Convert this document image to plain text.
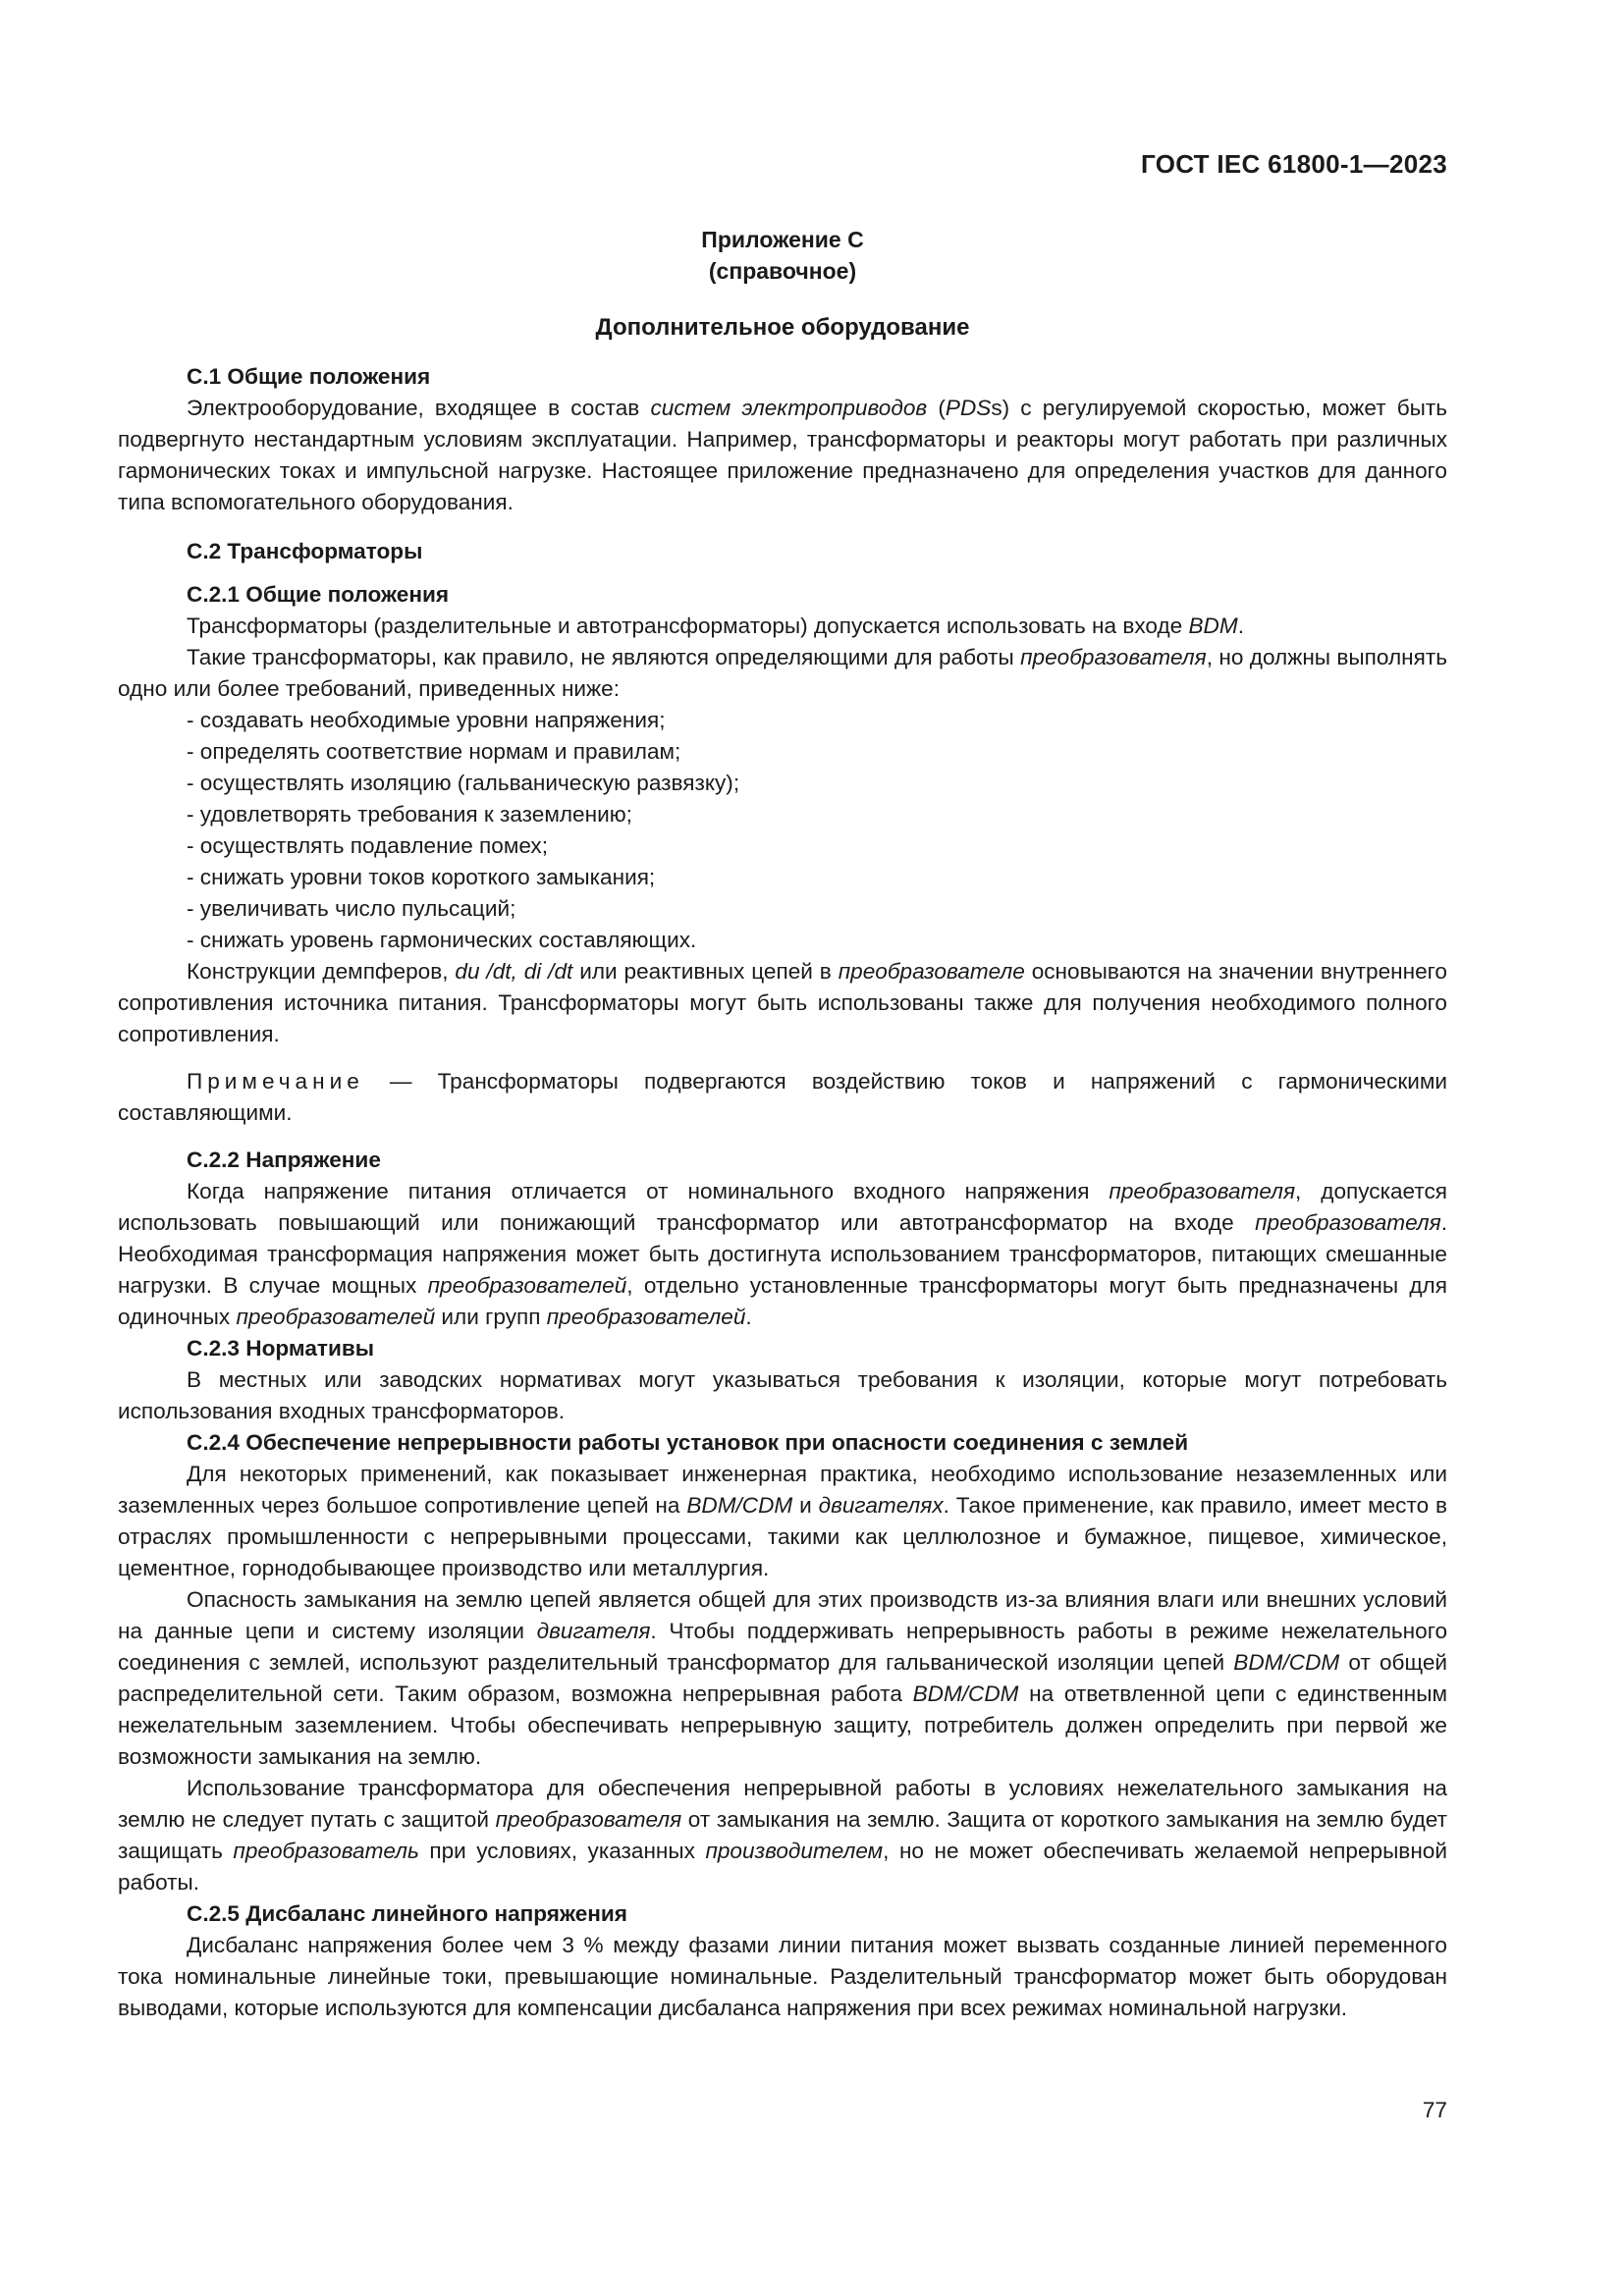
ГОСТ IEC 61800-1—2023
Приложение С
(справочное)
Дополнительное оборудование
С.1 Общие положения

Электрооборудование, входящее в состав систем электроприводов (PDSs) с регулируемой скоростью, может быть подвергнуто нестандартным условиям эксплуатации. Например, трансформаторы и реакторы могут работать при различных гармонических токах и импульсной нагрузке. Настоящее приложение предназначено для определения участков для данного типа вспомогательного оборудования.

С.2 Трансформаторы
С.2.1 Общие положения

Трансформаторы (разделительные и автотрансформаторы) допускается использовать на входе BDM.

Такие трансформаторы, как правило, не являются определяющими для работы преобразователя, но должны выполнять одно или более требований, приведенных ниже:

- создавать необходимые уровни напряжения;
- определять соответствие нормам и правилам;
- осуществлять изоляцию (гальваническую развязку);
- удовлетворять требования к заземлению;
- осуществлять подавление помех;
- снижать уровни токов короткого замыкания;
- увеличивать число пульсаций;
- снижать уровень гармонических составляющих.

Конструкции демпферов, du /dt, di /dt или реактивных цепей в преобразователе основываются на значении внутреннего сопротивления источника питания. Трансформаторы могут быть использованы также для получения необходимого полного сопротивления.

Примечание — Трансформаторы подвергаются воздействию токов и напряжений с гармоническими составляющими.

С.2.2 Напряжение

Когда напряжение питания отличается от номинального входного напряжения преобразователя, допускается использовать повышающий или понижающий трансформатор или автотрансформатор на входе преобразователя. Необходимая трансформация напряжения может быть достигнута использованием трансформаторов, питающих смешанные нагрузки. В случае мощных преобразователей, отдельно установленные трансформаторы могут быть предназначены для одиночных преобразователей или групп преобразователей.

С.2.3 Нормативы

В местных или заводских нормативах могут указываться требования к изоляции, которые могут потребовать использования входных трансформаторов.

С.2.4 Обеспечение непрерывности работы установок при опасности соединения с землей

Для некоторых применений, как показывает инженерная практика, необходимо использование незаземленных или заземленных через большое сопротивление цепей на BDM/CDM и двигателях. Такое применение, как правило, имеет место в отраслях промышленности с непрерывными процессами, такими как целлюлозное и бумажное, пищевое, химическое, цементное, горнодобывающее производство или металлургия.

Опасность замыкания на землю цепей является общей для этих производств из-за влияния влаги или внешних условий на данные цепи и систему изоляции двигателя. Чтобы поддерживать непрерывность работы в режиме нежелательного соединения с землей, используют разделительный трансформатор для гальванической изоляции цепей BDM/CDM от общей распределительной сети. Таким образом, возможна непрерывная работа BDM/CDM на ответвленной цепи с единственным нежелательным заземлением. Чтобы обеспечивать непрерывную защиту, потребитель должен определить при первой же возможности замыкания на землю.

Использование трансформатора для обеспечения непрерывной работы в условиях нежелательного замыкания на землю не следует путать с защитой преобразователя от замыкания на землю. Защита от короткого замыкания на землю будет защищать преобразователь при условиях, указанных производителем, но не может обеспечивать желаемой непрерывной работы.

С.2.5 Дисбаланс линейного напряжения

Дисбаланс напряжения более чем 3 % между фазами линии питания может вызвать созданные линией переменного тока номинальные линейные токи, превышающие номинальные. Разделительный трансформатор может быть оборудован выводами, которые используются для компенсации дисбаланса напряжения при всех режимах номинальной нагрузки.

77
